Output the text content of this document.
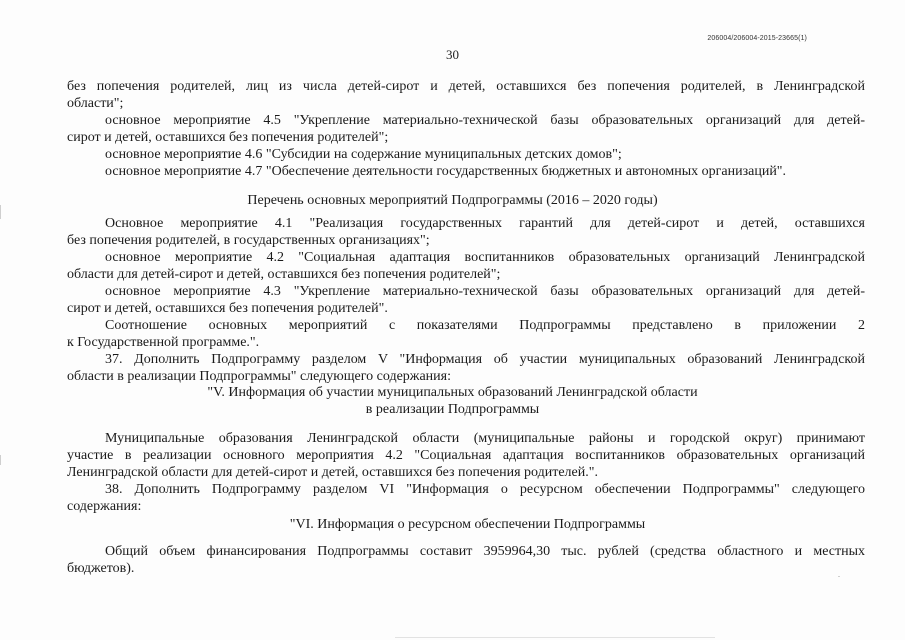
206004/206004-2015-23665(1)
30
без попечения родителей, лиц из числа детей-сирот и детей, оставшихся без попечения родителей, в Ленинградской
области";
основное мероприятие 4.5 "Укрепление материально-технической базы образовательных организаций для детей-
сирот и детей, оставшихся без попечения родителей";
основное мероприятие 4.6 "Субсидии на содержание муниципальных детских домов";
основное мероприятие 4.7 "Обеспечение деятельности государственных бюджетных и автономных организаций".
Перечень основных мероприятий Подпрограммы (2016 – 2020 годы)
Основное мероприятие 4.1 "Реализация государственных гарантий для детей-сирот и детей, оставшихся
без попечения родителей, в государственных организациях";
основное мероприятие 4.2 "Социальная адаптация воспитанников образовательных организаций Ленинградской
области для детей-сирот и детей, оставшихся без попечения родителей";
основное мероприятие 4.3 "Укрепление материально-технической базы образовательных организаций для детей-
сирот и детей, оставшихся без попечения родителей".
Соотношение основных мероприятий с показателями Подпрограммы представлено в приложении 2
к Государственной программе.".
37. Дополнить Подпрограмму разделом V "Информация об участии муниципальных образований Ленинградской
области в реализации Подпрограммы" следующего содержания:
"V. Информация об участии муниципальных образований Ленинградской области
в реализации Подпрограммы
Муниципальные образования Ленинградской области (муниципальные районы и городской округ) принимают
участие в реализации основного мероприятия 4.2 "Социальная адаптация воспитанников образовательных организаций
Ленинградской области для детей-сирот и детей, оставшихся без попечения родителей.".
38. Дополнить Подпрограмму разделом VI "Информация о ресурсном обеспечении Подпрограммы" следующего
содержания:
"VI. Информация о ресурсном обеспечении Подпрограммы
Общий объем финансирования Подпрограммы составит 3959964,30 тыс. рублей (средства областного и местных
бюджетов).
